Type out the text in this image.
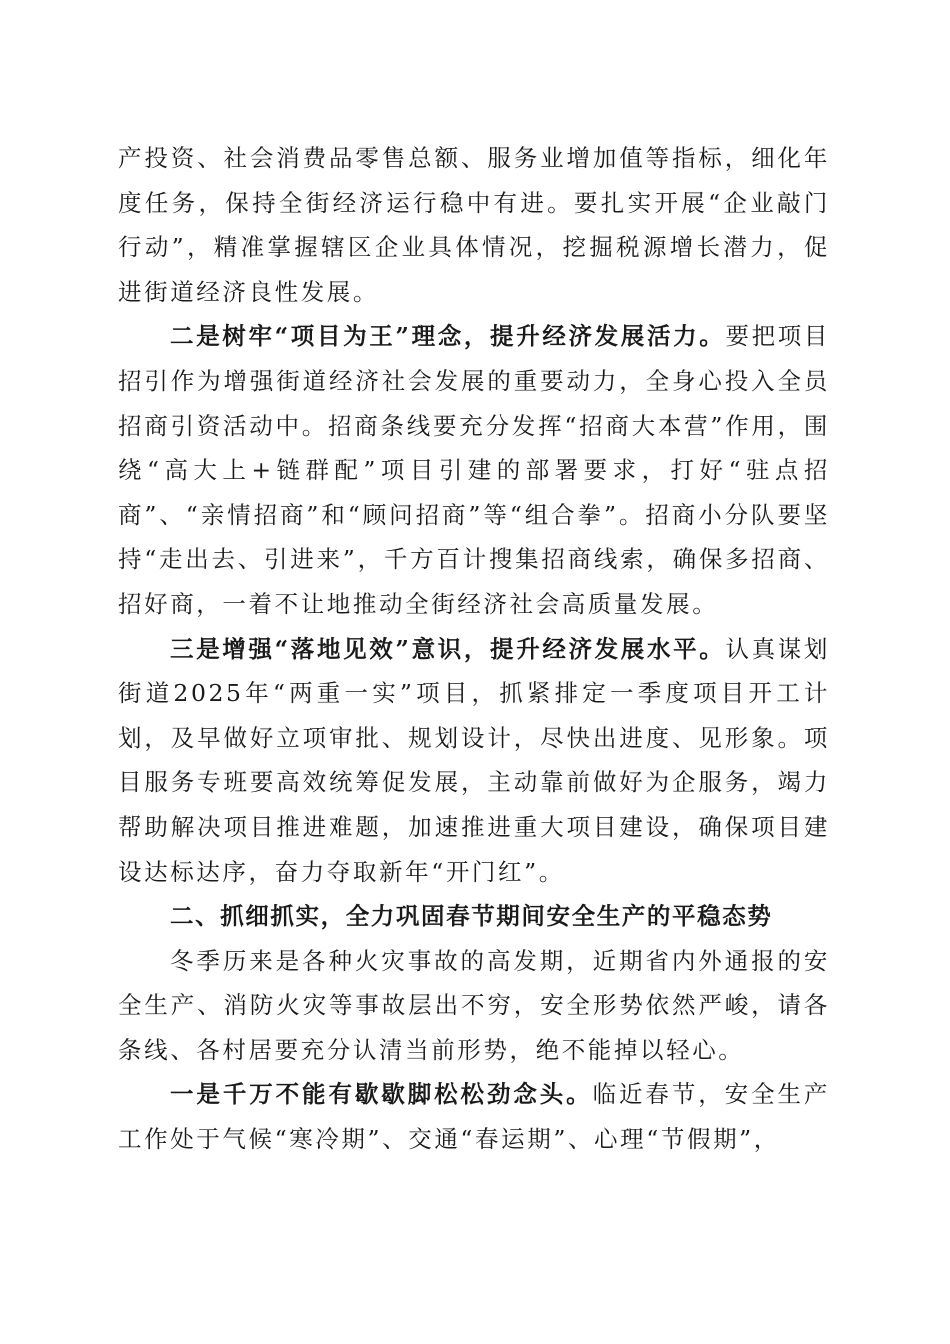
产投资、社会消费品零售总额、服务业增加值等指标，细化年度任务，保持全街经济运行稳中有进。要扎实开展“企业敲门行动”，精准掌握辖区企业具体情况，挖掘税源增长潜力，促进街道经济良性发展。

二是树牢“项目为王”理念，提升经济发展活力。要把项目招引作为增强街道经济社会发展的重要动力，全身心投入全员招商引资活动中。招商条线要充分发挥“招商大本营”作用，围绕“高大上+链群配”项目引建的部署要求，打好“驻点招商”、“亲情招商”和“顾问招商”等“组合拳”。招商小分队要坚持“走出去、引进来”，千方百计搜集招商线索，确保多招商、招好商，一着不让地推动全街经济社会高质量发展。

三是增强“落地见效”意识，提升经济发展水平。认真谋划街道2025年“两重一实”项目，抓紧排定一季度项目开工计划，及早做好立项审批、规划设计，尽快出进度、见形象。项目服务专班要高效统筹促发展，主动靠前做好为企服务，竭力帮助解决项目推进难题，加速推进重大项目建设，确保项目建设达标达序，奋力夺取新年“开门红”。

二、抓细抓实，全力巩固春节期间安全生产的平稳态势

冬季历来是各种火灾事故的高发期，近期省内外通报的安全生产、消防火灾等事故层出不穷，安全形势依然严峻，请各条线、各村居要充分认清当前形势，绝不能掉以轻心。

一是千万不能有歇歇脚松松劲念头。临近春节，安全生产工作处于气候“寒冷期”、交通“春运期”、心理“节假期”，
